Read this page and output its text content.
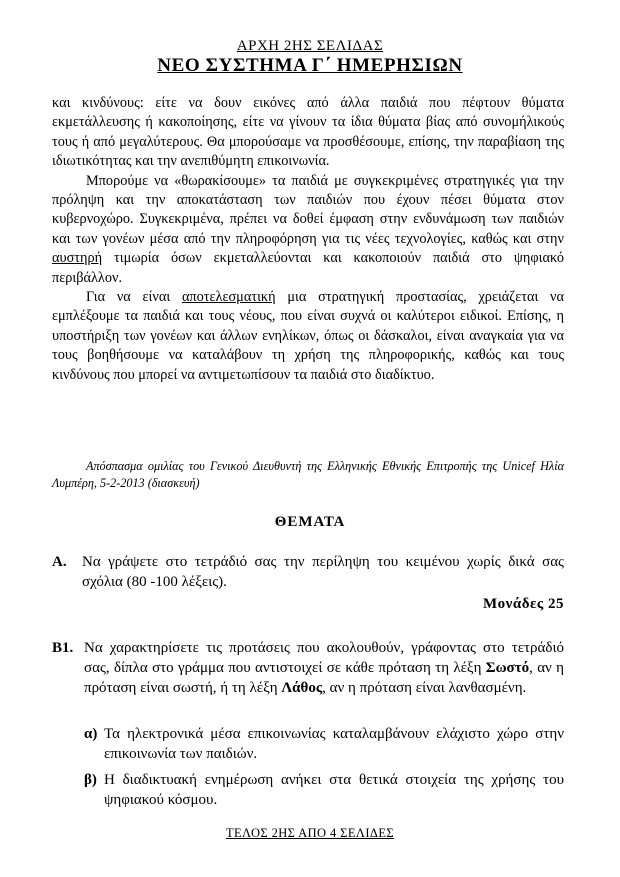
ΑΡΧΗ 2ΗΣ ΣΕΛΙΔΑΣ
ΝΕΟ ΣΥΣΤΗΜΑ Γ΄ ΗΜΕΡΗΣΙΩΝ

και κινδύνους: είτε να δουν εικόνες από άλλα παιδιά που πέφτουν θύματα εκμετάλλευσης ή κακοποίησης, είτε να γίνουν τα ίδια θύματα βίας από συνομήλικούς τους ή από μεγαλύτερους. Θα μπορούσαμε να προσθέσουμε, επίσης, την παραβίαση της ιδιωτικότητας και την ανεπιθύμητη επικοινωνία.

Μπορούμε να «θωρακίσουμε» τα παιδιά με συγκεκριμένες στρατηγικές για την πρόληψη και την αποκατάσταση των παιδιών που έχουν πέσει θύματα στον κυβερνοχώρο. Συγκεκριμένα, πρέπει να δοθεί έμφαση στην ενδυνάμωση των παιδιών και των γονέων μέσα από την πληροφόρηση για τις νέες τεχνολογίες, καθώς και στην αυστηρή τιμωρία όσων εκμεταλλεύονται και κακοποιούν παιδιά στο ψηφιακό περιβάλλον.

Για να είναι αποτελεσματική μια στρατηγική προστασίας, χρειάζεται να εμπλέξουμε τα παιδιά και τους νέους, που είναι συχνά οι καλύτεροι ειδικοί. Επίσης, η υποστήριξη των γονέων και άλλων ενηλίκων, όπως οι δάσκαλοι, είναι αναγκαία για να τους βοηθήσουμε να καταλάβουν τη χρήση της πληροφορικής, καθώς και τους κινδύνους που μπορεί να αντιμετωπίσουν τα παιδιά στο διαδίκτυο.

Απόσπασμα ομιλίας του Γενικού Διευθυντή της Ελληνικής Εθνικής Επιτροπής της Unicef Ηλία Λυμπέρη, 5-2-2013 (διασκευή)
ΘΕΜΑΤΑ
Α. Να γράψετε στο τετράδιό σας την περίληψη του κειμένου χωρίς δικά σας σχόλια (80 -100 λέξεις).
Μονάδες 25
Β1. Να χαρακτηρίσετε τις προτάσεις που ακολουθούν, γράφοντας στο τετράδιό σας, δίπλα στο γράμμα που αντιστοιχεί σε κάθε πρόταση τη λέξη Σωστό, αν η πρόταση είναι σωστή, ή τη λέξη Λάθος, αν η πρόταση είναι λανθασμένη.
α) Τα ηλεκτρονικά μέσα επικοινωνίας καταλαμβάνουν ελάχιστο χώρο στην επικοινωνία των παιδιών.
β) Η διαδικτυακή ενημέρωση ανήκει στα θετικά στοιχεία της χρήσης του ψηφιακού κόσμου.
ΤΕΛΟΣ 2ΗΣ ΑΠΟ 4 ΣΕΛΙΔΕΣ
